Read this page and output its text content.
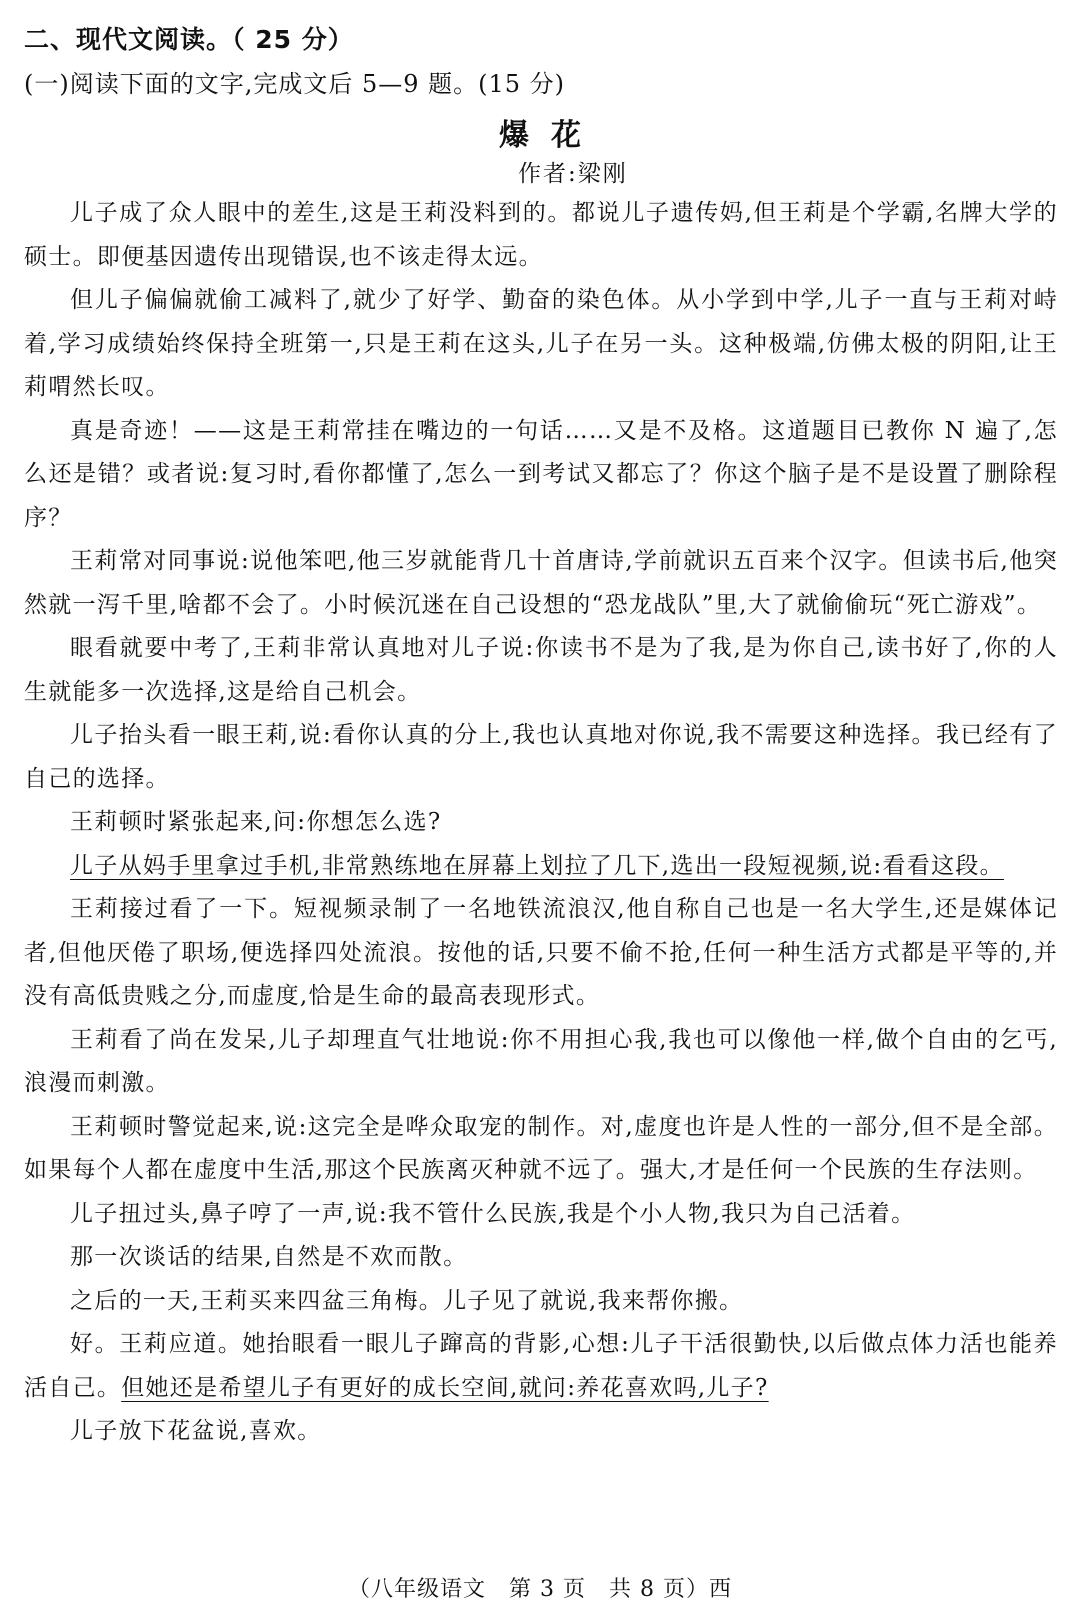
二、现代文阅读。（ 25 分）
(一)阅读下面的文字,完成文后 5—9 题。(15 分)
爆花
作者:梁刚

儿子成了众人眼中的差生,这是王莉没料到的。都说儿子遗传妈,但王莉是个学霸,名牌大学的硕士。即便基因遗传出现错误,也不该走得太远。

但儿子偏偏就偷工减料了,就少了好学、勤奋的染色体。从小学到中学,儿子一直与王莉对峙着,学习成绩始终保持全班第一,只是王莉在这头,儿子在另一头。这种极端,仿佛太极的阴阳,让王莉喟然长叹。

真是奇迹！——这是王莉常挂在嘴边的一句话……又是不及格。这道题目已教你 N 遍了,怎么还是错？或者说:复习时,看你都懂了,怎么一到考试又都忘了？你这个脑子是不是设置了删除程序？

王莉常对同事说:说他笨吧,他三岁就能背几十首唐诗,学前就识五百来个汉字。但读书后,他突然就一泻千里,啥都不会了。小时候沉迷在自己设想的“恐龙战队”里,大了就偷偷玩“死亡游戏”。

眼看就要中考了,王莉非常认真地对儿子说:你读书不是为了我,是为你自己,读书好了,你的人生就能多一次选择,这是给自己机会。

儿子抬头看一眼王莉,说:看你认真的分上,我也认真地对你说,我不需要这种选择。我已经有了自己的选择。

王莉顿时紧张起来,问:你想怎么选?

儿子从妈手里拿过手机,非常熟练地在屏幕上划拉了几下,选出一段短视频,说:看看这段。

王莉接过看了一下。短视频录制了一名地铁流浪汉,他自称自己也是一名大学生,还是媒体记者,但他厌倦了职场,便选择四处流浪。按他的话,只要不偷不抢,任何一种生活方式都是平等的,并没有高低贵贱之分,而虚度,恰是生命的最高表现形式。

王莉看了尚在发呆,儿子却理直气壮地说:你不用担心我,我也可以像他一样,做个自由的乞丐,浪漫而刺激。

王莉顿时警觉起来,说:这完全是哗众取宠的制作。对,虚度也许是人性的一部分,但不是全部。如果每个人都在虚度中生活,那这个民族离灭种就不远了。强大,才是任何一个民族的生存法则。

儿子扭过头,鼻子哼了一声,说:我不管什么民族,我是个小人物,我只为自己活着。

那一次谈话的结果,自然是不欢而散。

之后的一天,王莉买来四盆三角梅。儿子见了就说,我来帮你搬。

好。王莉应道。她抬眼看一眼儿子蹿高的背影,心想:儿子干活很勤快,以后做点体力活也能养活自己。但她还是希望儿子有更好的成长空间,就问:养花喜欢吗,儿子?

儿子放下花盆说,喜欢。

（八年级语文　第 3 页　共 8 页）西
